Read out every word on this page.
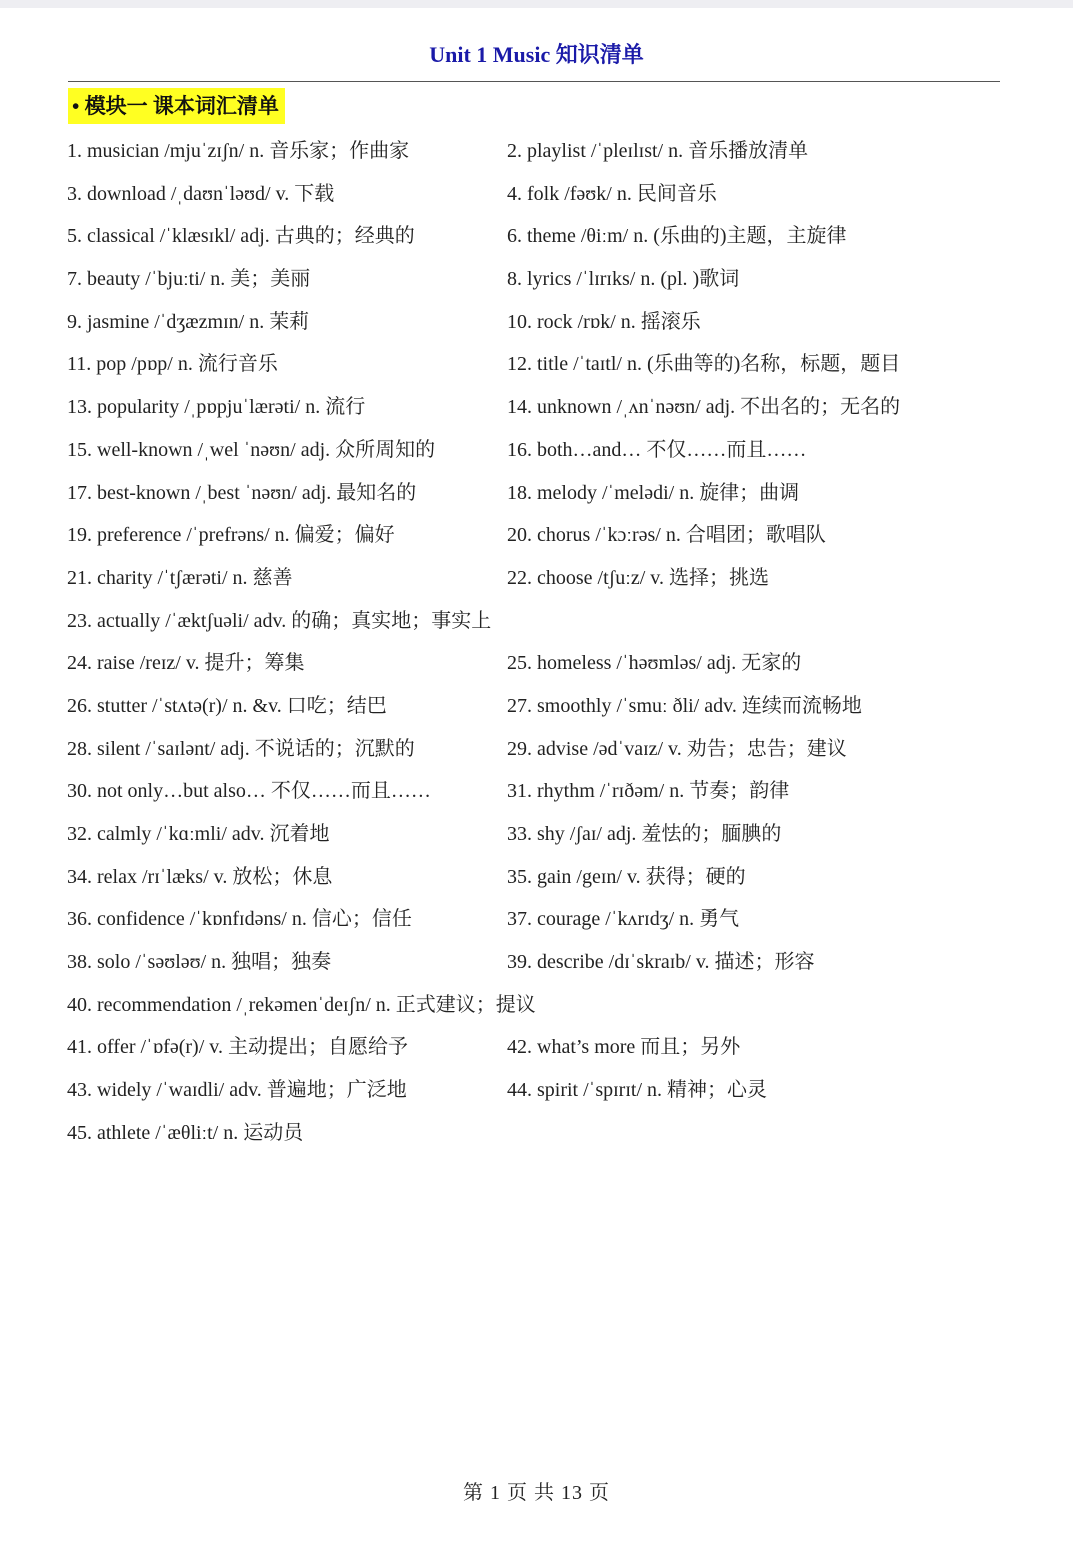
Unit 1 Music 知识清单
• 模块一 课本词汇清单
1. musician /mjuˈzɪʃn/ n. 音乐家；作曲家	2. playlist /ˈpleɪlɪst/ n. 音乐播放清单
3. download /ˌdaʊnˈləʊd/ v. 下载	4. folk /fəʊk/ n. 民间音乐
5. classical /ˈklæsɪkl/ adj. 古典的；经典的	6. theme /θiːm/ n. (乐曲的)主题，主旋律
7. beauty /ˈbjuːti/ n. 美；美丽	8. lyrics /ˈlɪrɪks/ n. (pl. )歌词
9. jasmine /ˈdʒæzmɪn/ n. 茉莉	10. rock /rɒk/ n. 摇滚乐
11. pop /pɒp/ n. 流行音乐	12. title /ˈtaɪtl/ n. (乐曲等的)名称，标题，题目
13. popularity /ˌpɒpjuˈlærəti/ n. 流行	14. unknown /ˌʌnˈnəʊn/ adj. 不出名的；无名的
15. well-known /ˌwel ˈnəʊn/ adj. 众所周知的	16. both…and… 不仅……而且……
17. best-known /ˌbest ˈnəʊn/ adj. 最知名的	18. melody /ˈmelədi/ n. 旋律；曲调
19. preference /ˈprefrəns/ n. 偏爱；偏好	20. chorus /ˈkɔːrəs/ n. 合唱团；歌唱队
21. charity /ˈtʃærəti/ n. 慈善	22. choose /tʃuːz/ v. 选择；挑选
23. actually /ˈæktʃuəli/ adv. 的确；真实地；事实上
24. raise /reɪz/ v. 提升；筹集	25. homeless /ˈhəʊmləs/ adj. 无家的
26. stutter /ˈstʌtə(r)/ n. &v. 口吃；结巴	27. smoothly /ˈsmuː ðli/ adv. 连续而流畅地
28. silent /ˈsaɪlənt/ adj. 不说话的；沉默的	29. advise /ədˈvaɪz/ v. 劝告；忠告；建议
30. not only…but also… 不仅……而且……	31. rhythm /ˈrɪðəm/ n. 节奏；韵律
32. calmly /ˈkɑːmli/ adv. 沉着地	33. shy /ʃaɪ/ adj. 羞怯的；腼腆的
34. relax /rɪˈlæks/ v. 放松；休息	35. gain /geɪn/ v. 获得；硬的
36. confidence /ˈkɒnfɪdəns/ n. 信心；信任	37. courage /ˈkʌrɪdʒ/ n. 勇气
38. solo /ˈsəʊləʊ/ n. 独唱；独奏	39. describe /dɪˈskraɪb/ v. 描述；形容
40. recommendation /ˌrekəmenˈdeɪʃn/ n. 正式建议；提议
41. offer /ˈɒfə(r)/ v. 主动提出；自愿给予	42. what’s more 而且；另外
43. widely /ˈwaɪdli/ adv. 普遍地；广泛地	44. spirit /ˈspɪrɪt/ n. 精神；心灵
45. athlete /ˈæθliːt/ n. 运动员
第 1 页 共 13 页
